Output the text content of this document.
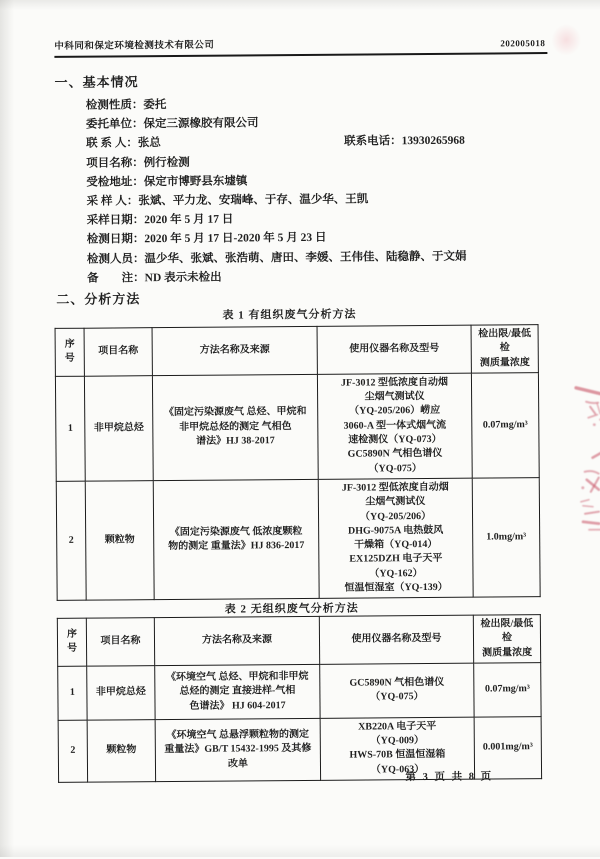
中科同和保定环境检测技术有限公司	202005018
一、基本情况
检测性质： 委托
委托单位： 保定三源橡胶有限公司
联 系 人： 张总	联系电话：13930265968
项目名称： 例行检测
受检地址： 保定市博野县东墟镇
采 样 人： 张斌、平力龙、安瑞峰、于存、温少华、王凯
采样日期： 2020 年 5 月 17 日
检测日期： 2020 年 5 月 17 日-2020 年 5 月 23 日
检测人员： 温少华、张斌、张浩萌、唐田、李媛、王伟佳、陆稳静、于文娟
备　　注： ND 表示未检出
二、分析方法
表 1 有组织废气分析方法
序
号	项目名称	方法名称及来源	使用仪器名称及型号	检出限/最低检
测质量浓度
1	非甲烷总烃	《固定污染源废气 总烃、甲烷和
非甲烷总烃的测定 气相色
谱法》HJ 38-2017	JF-3012 型低浓度自动烟
尘烟气测试仪
（YQ-205/206）崂应
3060-A 型一体式烟气流
速检测仪（YQ-073）
GC5890N 气相色谱仪
（YQ-075）	0.07mg/m³
2	颗粒物	《固定污染源废气 低浓度颗粒
物的测定 重量法》HJ 836-2017	JF-3012 型低浓度自动烟
尘烟气测试仪
（YQ-205/206）
DHG-9075A 电热鼓风
干燥箱（YQ-014）
EX125DZH 电子天平
（YQ-162）
恒温恒湿室（YQ-139）	1.0mg/m³
表 2 无组织废气分析方法
序
号	项目名称	方法名称及来源	使用仪器名称及型号	检出限/最低检
测质量浓度
1	非甲烷总烃	《环境空气 总烃、甲烷和非甲烷
总烃的测定 直接进样-气相
色谱法》 HJ 604-2017	GC5890N 气相色谱仪
（YQ-075）	0.07mg/m³
2	颗粒物	《环境空气 总悬浮颗粒物的测定
重量法》GB/T 15432-1995 及其修
改单	XB220A 电子天平
（YQ-009）
HWS-70B 恒温恒湿箱
（YQ-063）	0.001mg/m³
第 3 页 共 8 页
